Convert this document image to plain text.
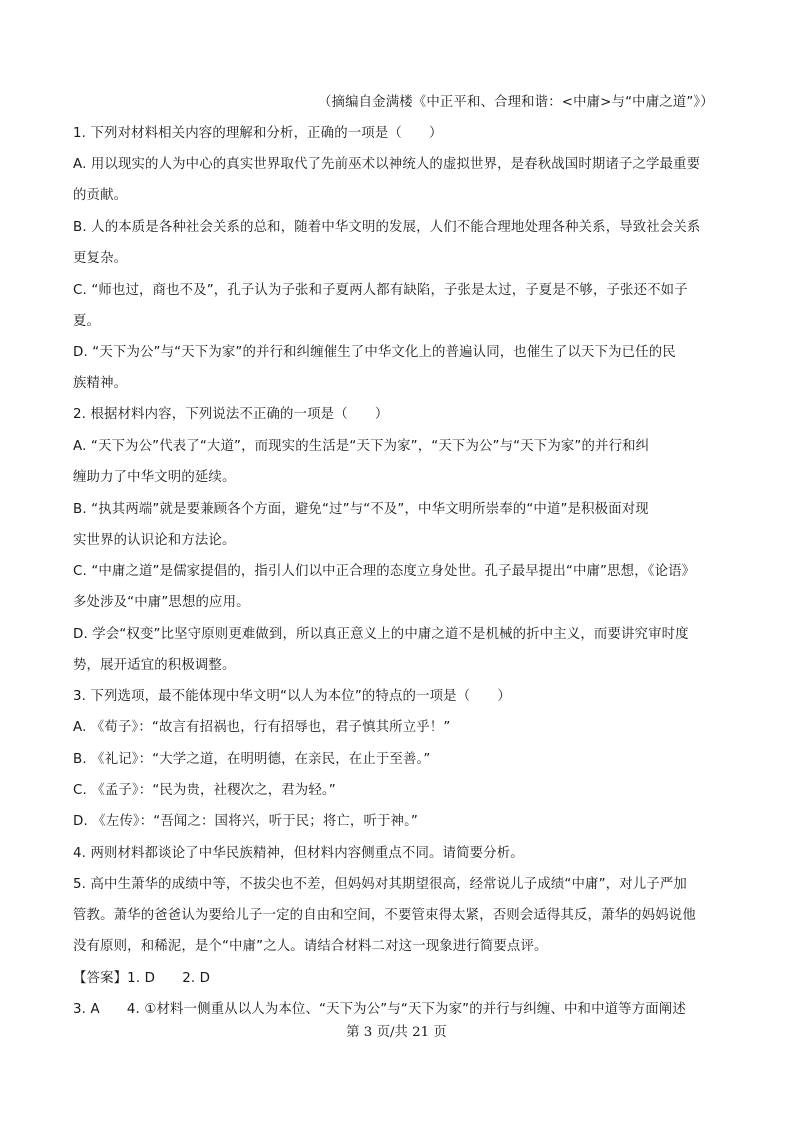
（摘编自金满楼《中正平和、合理和谐：<中庸>与“中庸之道”》）
1. 下列对材料相关内容的理解和分析，正确的一项是（　　）
A. 用以现实的人为中心的真实世界取代了先前巫术以神统人的虚拟世界，是春秋战国时期诸子之学最重要
的贡献。
B. 人的本质是各种社会关系的总和，随着中华文明的发展，人们不能合理地处理各种关系，导致社会关系
更复杂。
C. “师也过，商也不及”，孔子认为子张和子夏两人都有缺陷，子张是太过，子夏是不够，子张还不如子
夏。
D. “天下为公”与“天下为家”的并行和纠缠催生了中华文化上的普遍认同，也催生了以天下为已任的民
族精神。
2. 根据材料内容，下列说法不正确的一项是（　　）
A. “天下为公”代表了“大道”，而现实的生活是“天下为家”，“天下为公”与“天下为家”的并行和纠
缠助力了中华文明的延续。
B. “执其两端”就是要兼顾各个方面，避免“过”与“不及”，中华文明所崇奉的“中道”是积极面对现
实世界的认识论和方法论。
C. “中庸之道”是儒家提倡的，指引人们以中正合理的态度立身处世。孔子最早提出“中庸”思想，《论语》
多处涉及“中庸”思想的应用。
D. 学会“权变”比坚守原则更难做到，所以真正意义上的中庸之道不是机械的折中主义，而要讲究审时度
势，展开适宜的积极调整。
3. 下列选项，最不能体现中华文明“以人为本位”的特点的一项是（　　）
A. 《荀子》：“故言有招祸也，行有招辱也，君子慎其所立乎！”
B. 《礼记》：“大学之道，在明明德，在亲民，在止于至善。”
C. 《孟子》：“民为贵，社稷次之，君为轻。”
D. 《左传》：“吾闻之：国将兴，听于民；将亡，听于神。”
4. 两则材料都谈论了中华民族精神，但材料内容侧重点不同。请简要分析。
5. 高中生萧华的成绩中等，不拔尖也不差，但妈妈对其期望很高，经常说儿子成绩“中庸”，对儿子严加
管教。萧华的爸爸认为要给儿子一定的自由和空间，不要管束得太紧，否则会适得其反，萧华的妈妈说他
没有原则，和稀泥，是个“中庸”之人。请结合材料二对这一现象进行简要点评。
【答案】1. D　　2. D
3. A　　4. ①材料一侧重从以人为本位、“天下为公”与“天下为家”的并行与纠缠、中和中道等方面阐述
第 3 页/共 21 页
